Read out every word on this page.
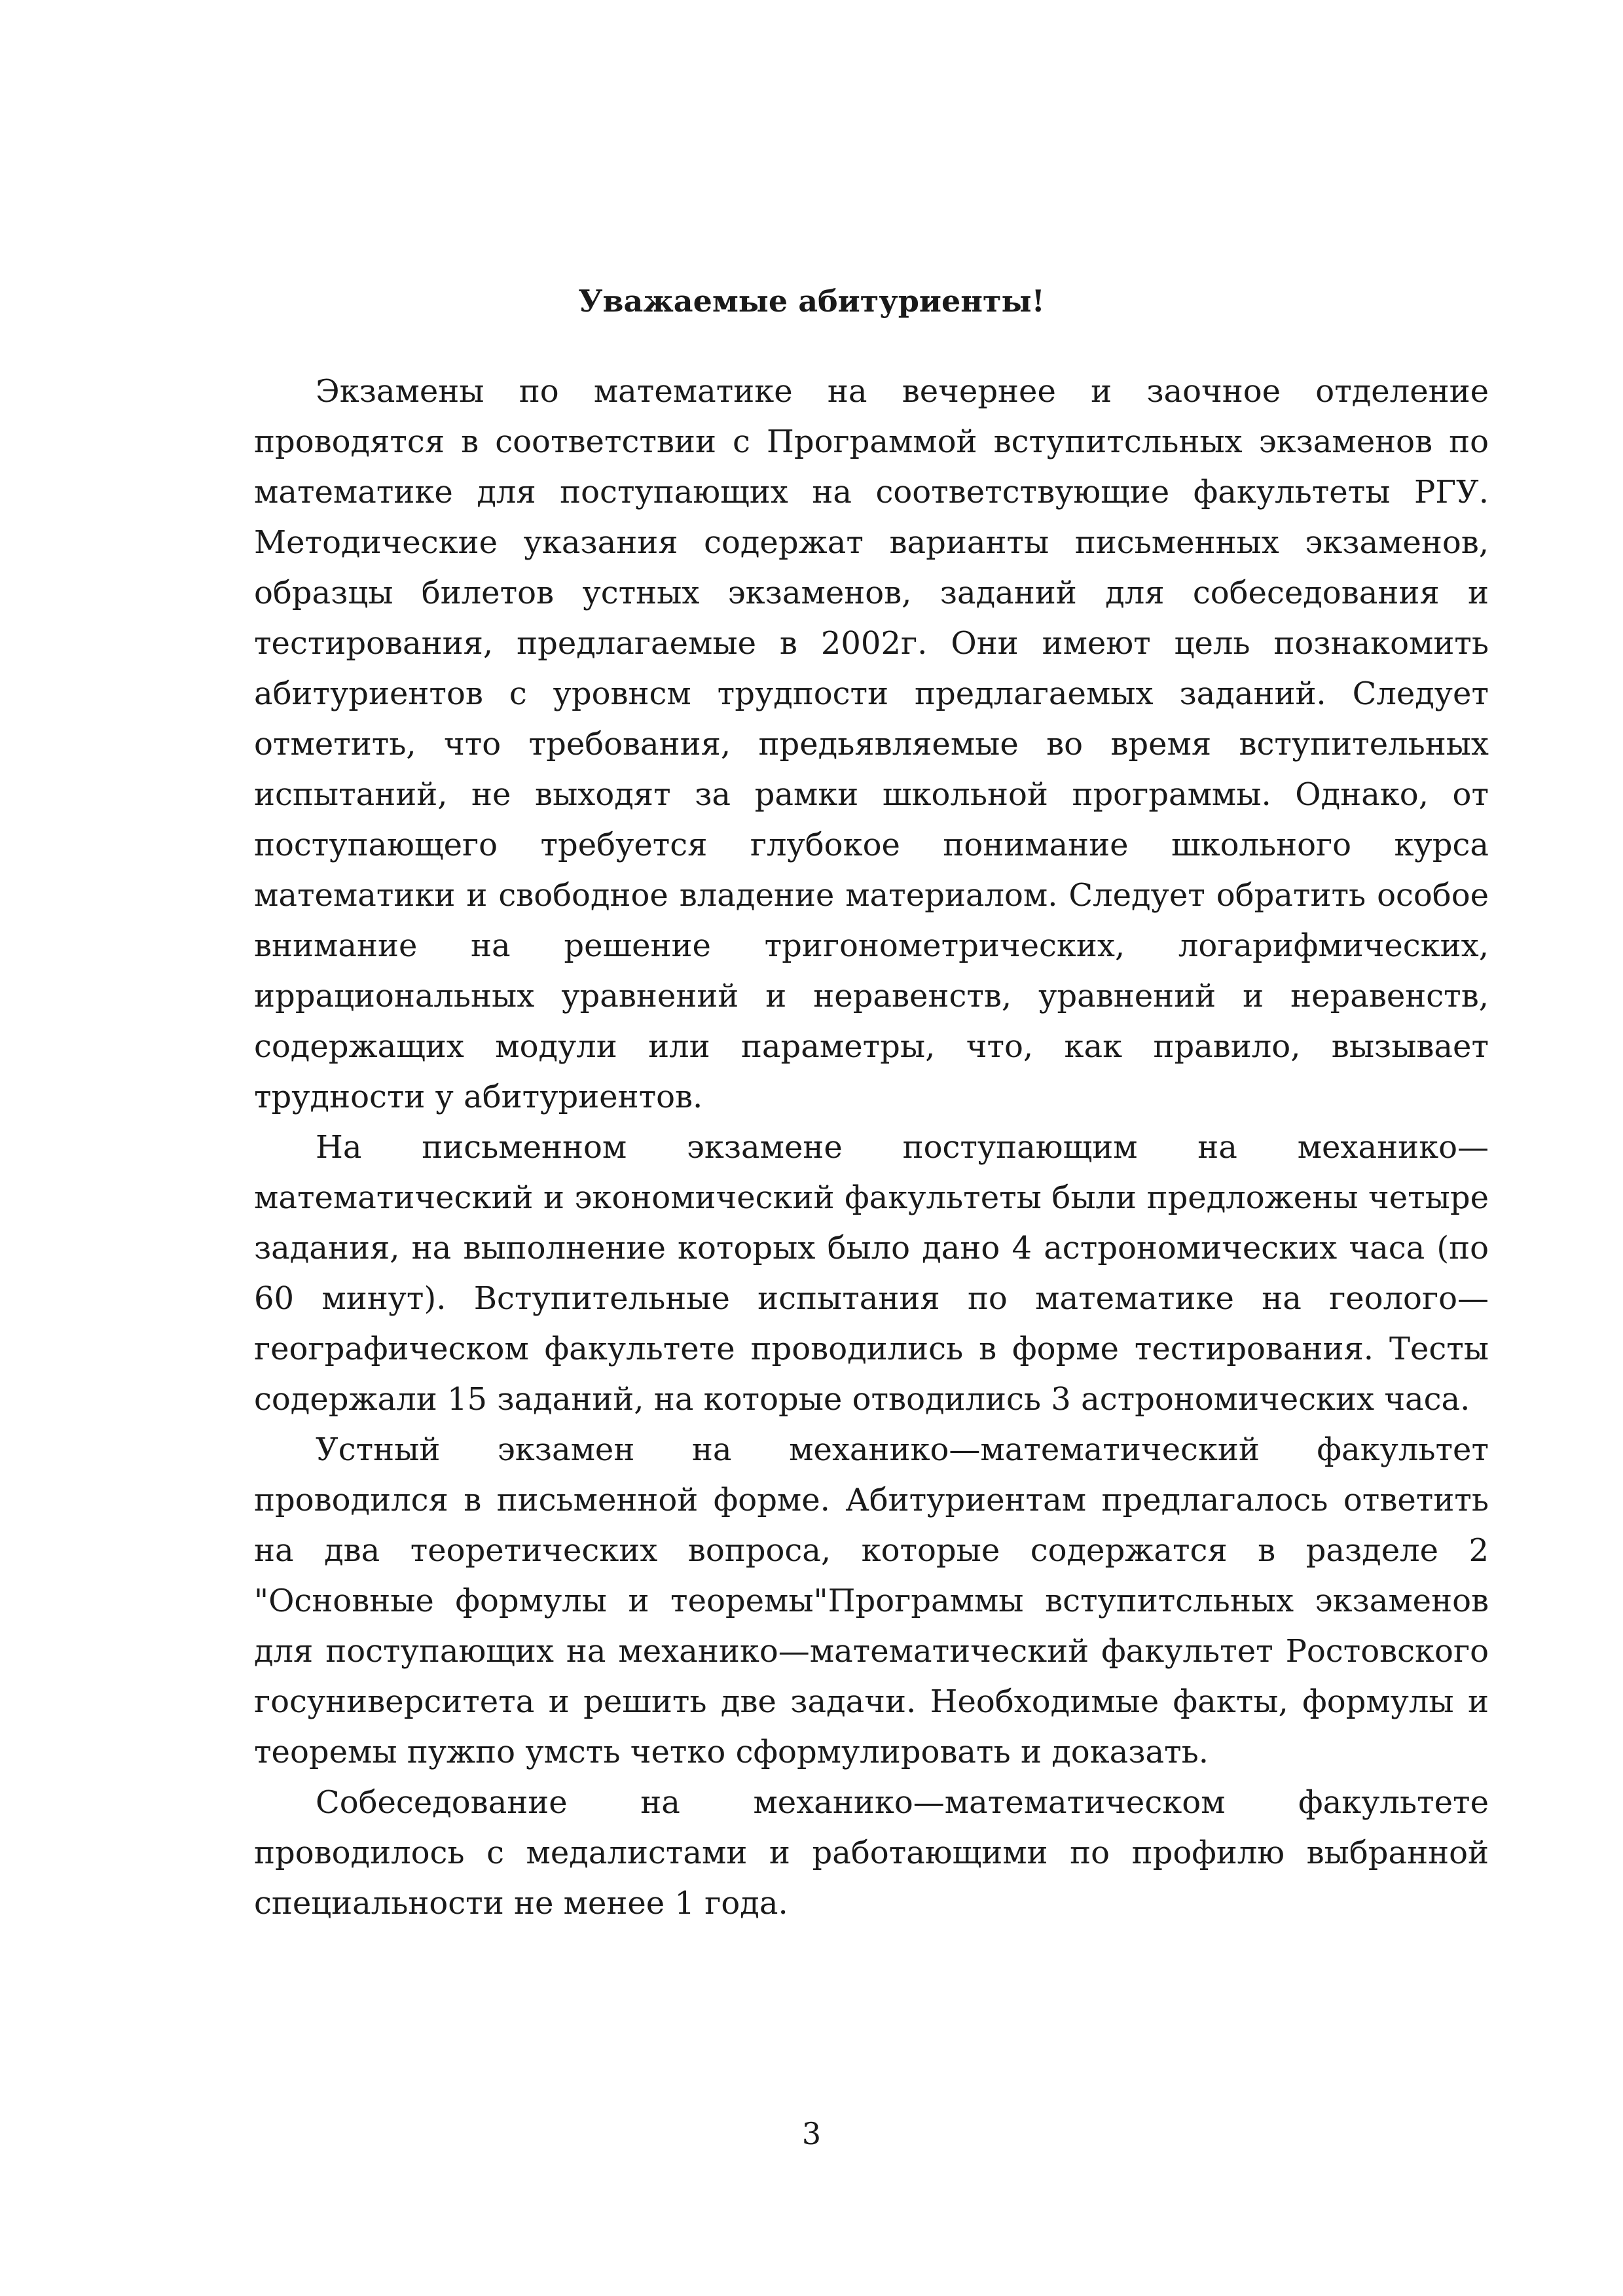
Уважаемые абитуриенты!

Экзамены по математике на вечернее и заочное отделение проводятся в соответствии с Программой вступитсльных экзаменов по математике для поступающих на соответствующие факультеты РГУ. Методические указания содержат варианты письменных экзаменов, образцы билетов устных экзаменов, заданий для собеседования и тестирования, предлагаемые в 2002г. Они имеют цель познакомить абитуриентов с уровнсм трудпости предлагаемых заданий. Следует отметить, что требования, предьявляемые во время вступительных испытаний, не выходят за рамки школьной программы. Однако, от поступающего требуется глубокое понимание школьного курса математики и свободное владение материалом. Следует обратить особое внимание на решение тригонометрических, логарифмических, иррациональных уравнений и неравенств, уравнений и неравенств, содержащих модули или параметры, что, как правило, вызывает трудности у абитуриентов.

На письменном экзамене поступающим на механико—математический и экономический факультеты были предложены четыре задания, на выполнение которых было дано 4 астрономических часа (по 60 минут). Вступительные испытания по математике на геолого—географическом факультете проводились в форме тестирования. Тесты содержали 15 заданий, на которые отводились 3 астрономических часа.

Устный экзамен на механико—математический факультет проводился в письменной форме. Абитуриентам предлагалось ответить на два теоретических вопроса, которые содержатся в разделе 2 "Основные формулы и теоремы"Программы вступитсльных экзаменов для поступающих на механико—математический факультет Ростовского госуниверситета и решить две задачи. Необходимые факты, формулы и теоремы пужпо умсть четко сформулировать и доказать.

Собеседование на механико—математическом факультете проводилось с медалистами и работающими по профилю выбранной специальности не менее 1 года.

3
